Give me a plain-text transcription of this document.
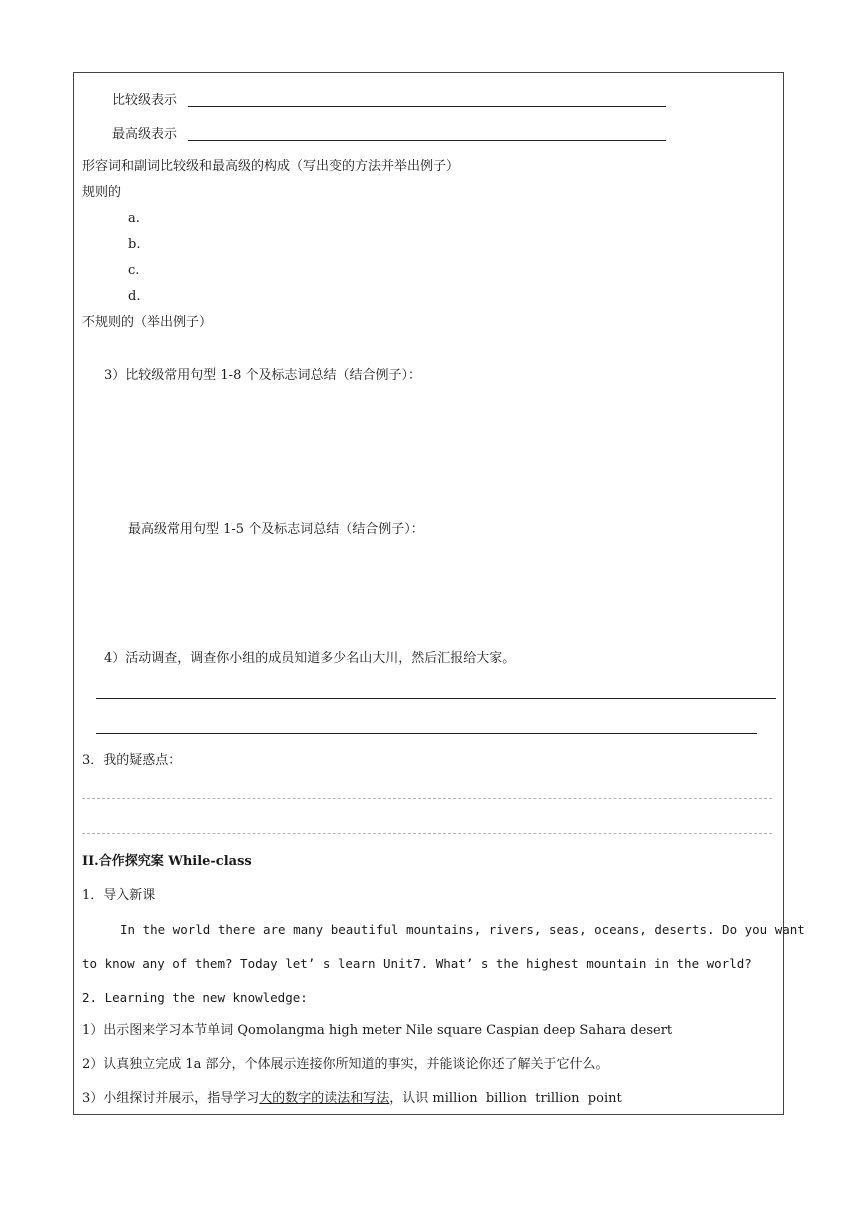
比较级表示
最高级表示
形容词和副词比较级和最高级的构成（写出变的方法并举出例子）
规则的
a.
b.
c.
d.
不规则的（举出例子）
3）比较级常用句型 1-8 个及标志词总结（结合例子）：
最高级常用句型 1-5 个及标志词总结（结合例子）：
4）活动调查，调查你小组的成员知道多少名山大川，然后汇报给大家。
3．我的疑惑点：
II.合作探究案 While-class
1．导入新课
In the world there are many beautiful mountains, rivers, seas, oceans, deserts. Do you want
to know any of them? Today let’ s learn Unit7. What’ s the highest mountain in the world?
2. Learning the new knowledge:
1）出示图来学习本节单词 Qomolangma high meter Nile square Caspian deep Sahara desert
2）认真独立完成 1a 部分，个体展示连接你所知道的事实，并能谈论你还了解关于它什么。
3）小组探讨并展示，指导学习大的数字的读法和写法，认识 million  billion  trillion  point
